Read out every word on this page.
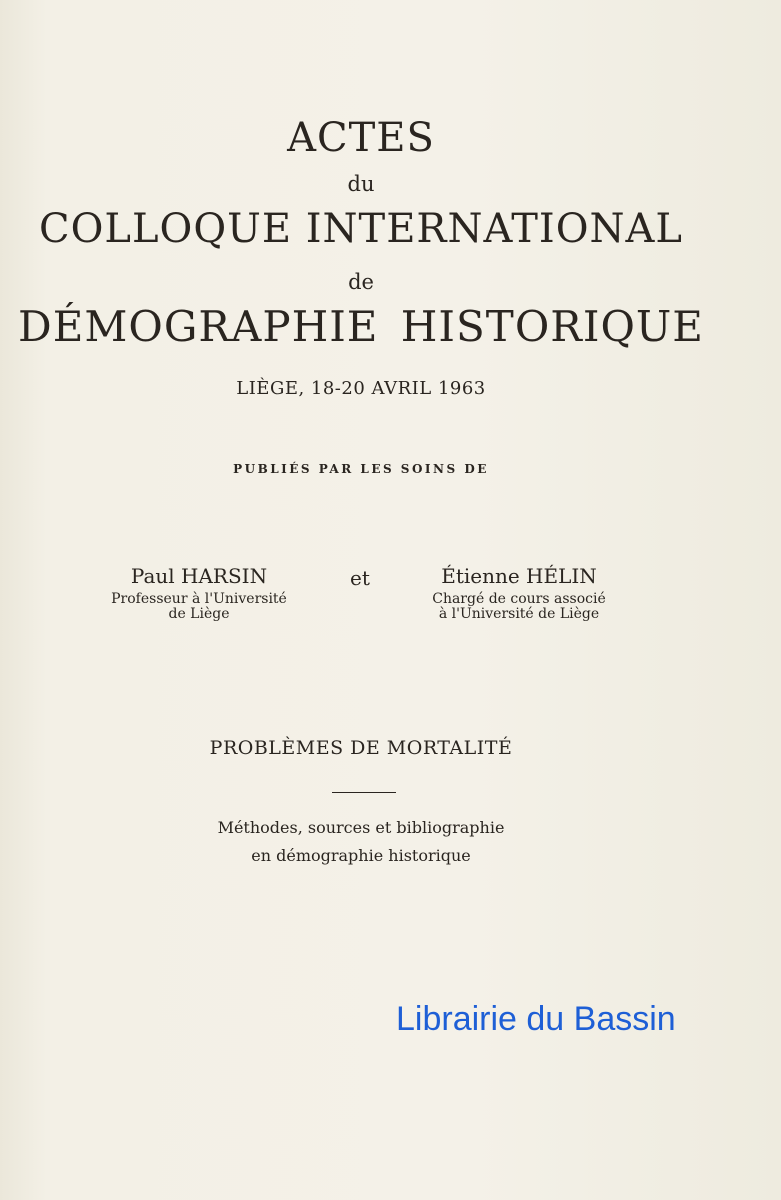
ACTES
du
COLLOQUE INTERNATIONAL
de
DÉMOGRAPHIE HISTORIQUE
LIÈGE, 18-20 AVRIL 1963
PUBLIÉS PAR LES SOINS DE
Paul HARSIN
Professeur à l'Université
de Liège
et	Étienne HÉLIN
Chargé de cours associé
à l'Université de Liège
PROBLÈMES DE MORTALITÉ
Méthodes, sources et bibliographie
en démographie historique
Librairie du Bassin
